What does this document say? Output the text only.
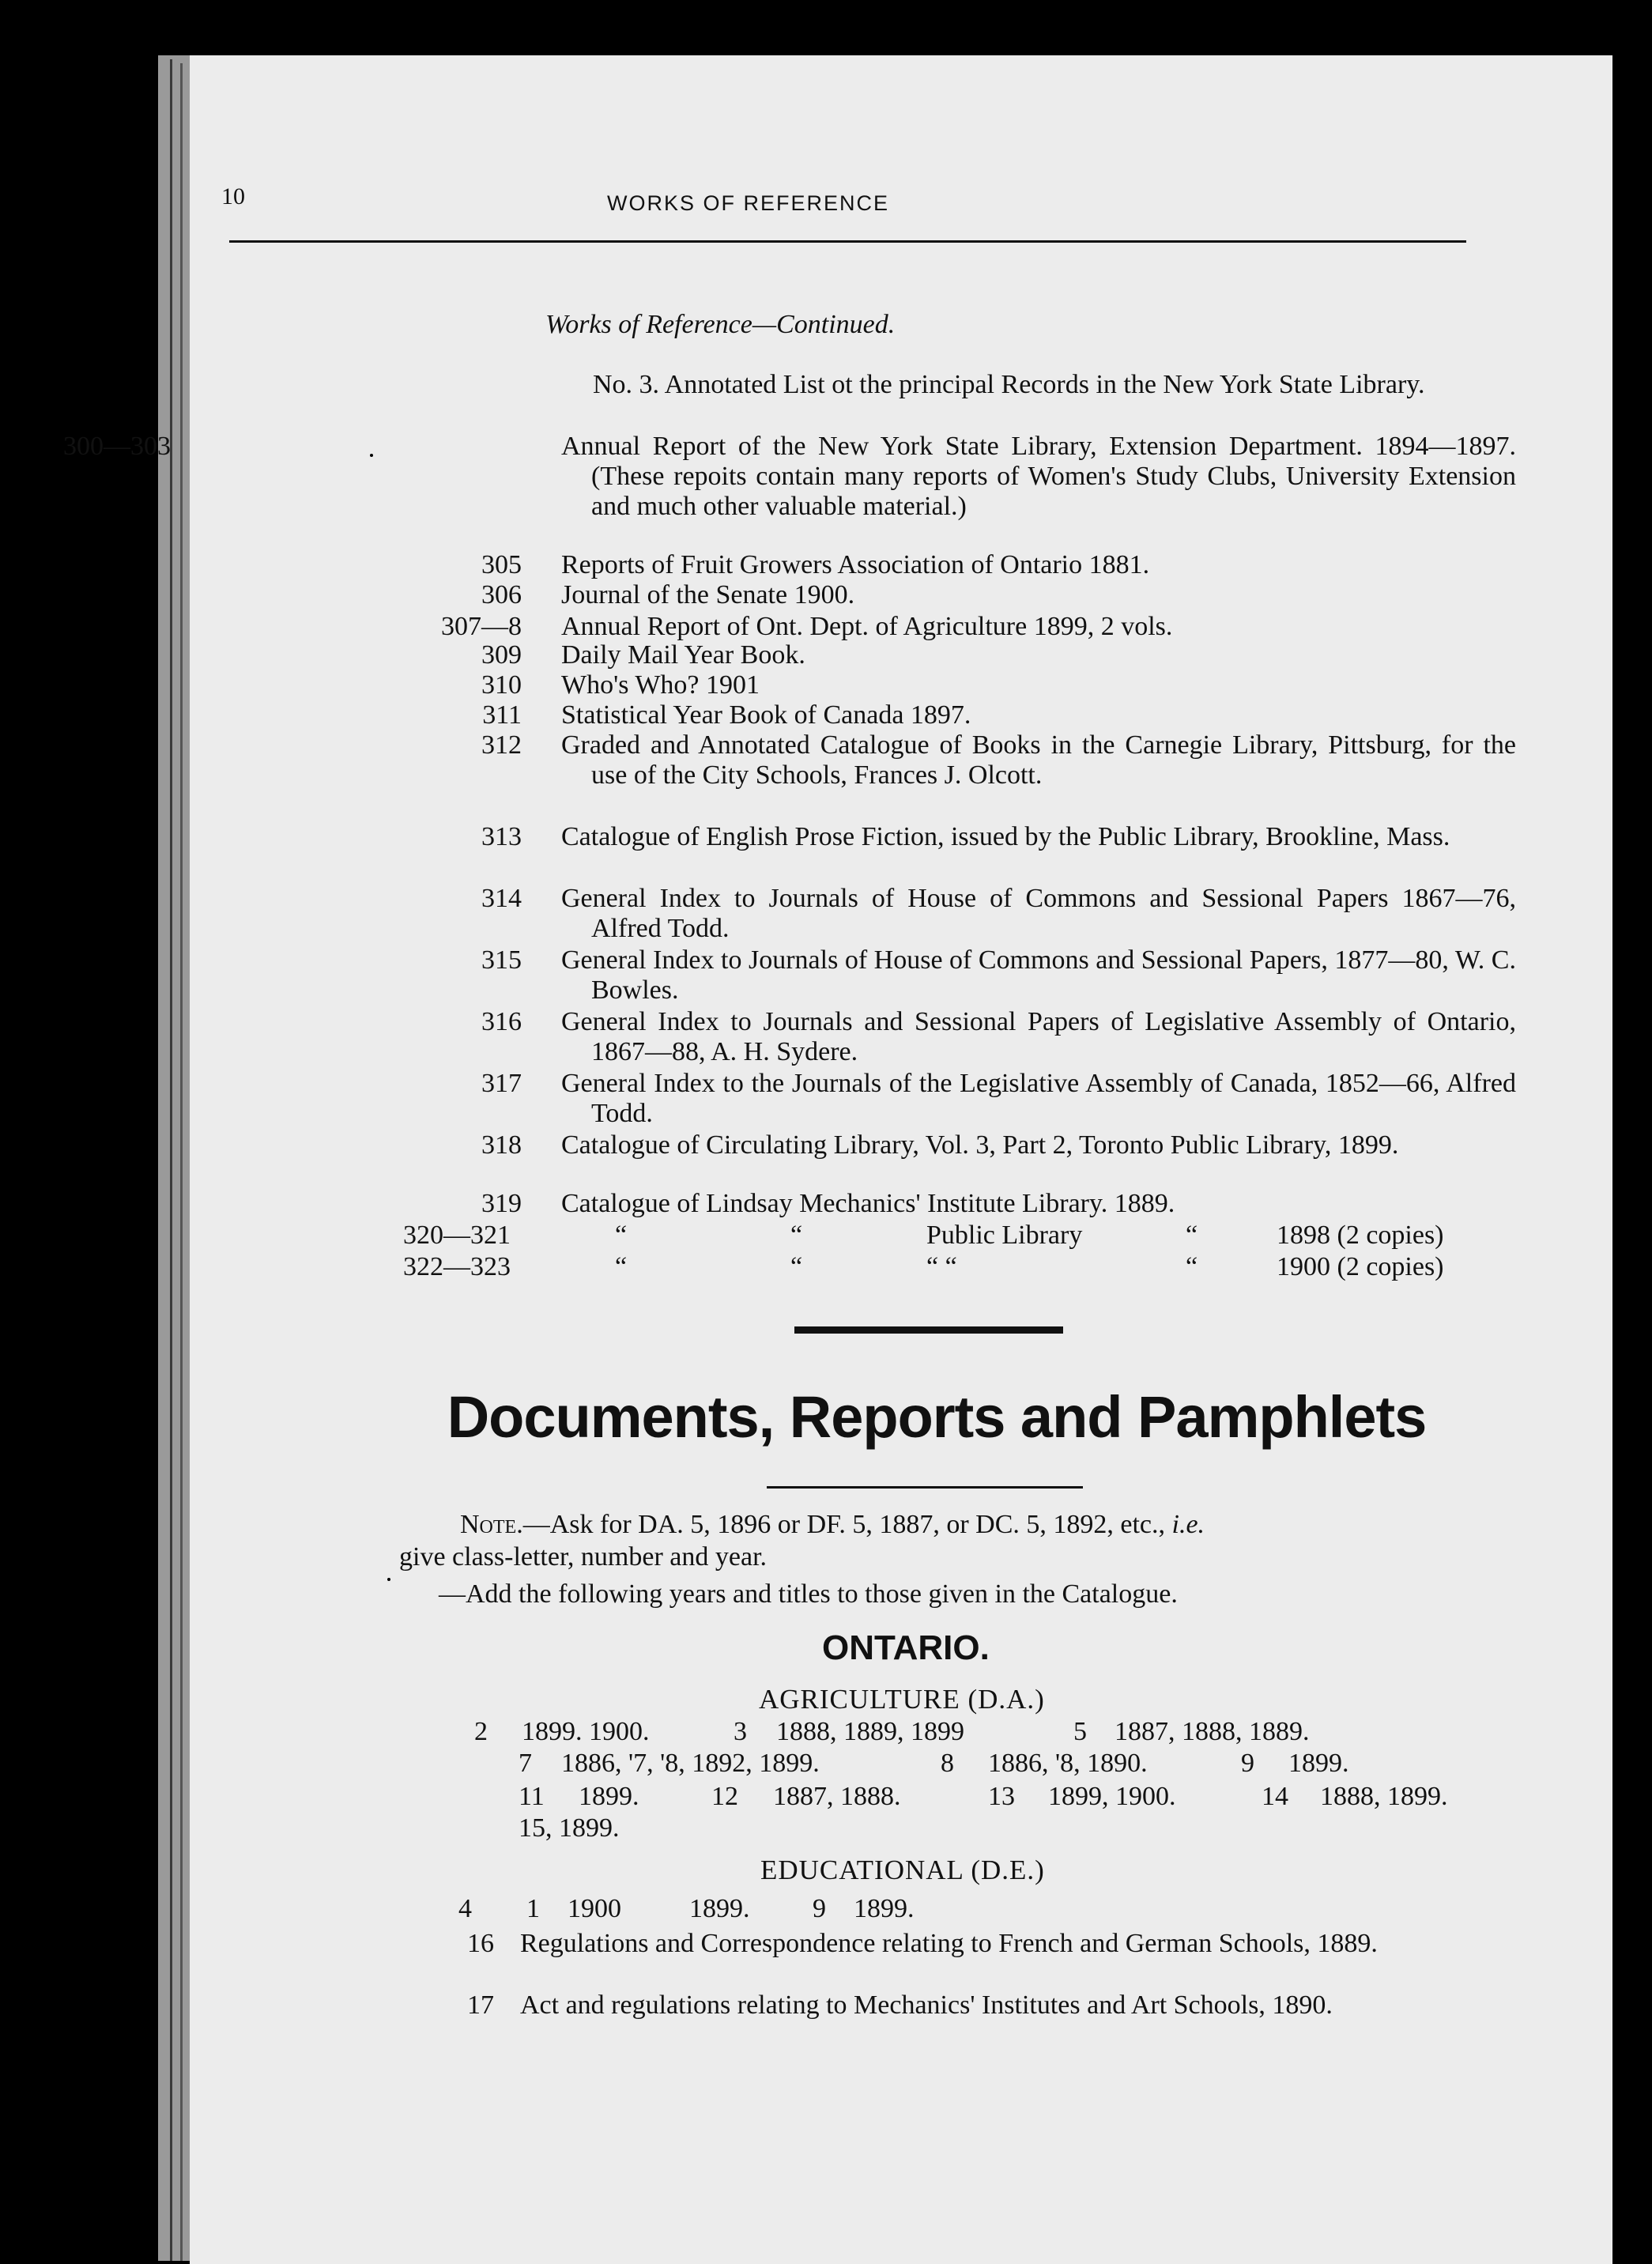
10	WORKS OF REFERENCE
Works of Reference—Continued.
No. 3. Annotated List ot the principal Records in the New York State Library.
300—303	Annual Report of the New York State Library, Extension Department. 1894—1897. (These repoits contain many reports of Women's Study Clubs, University Extension and much other valuable material.)
305 Reports of Fruit Growers Association of Ontario 1881.
306 Journal of the Senate 1900.
307—8 Annual Report of Ont. Dept. of Agriculture 1899, 2 vols.
309 Daily Mail Year Book.
310 Who's Who? 1901
311 Statistical Year Book of Canada 1897.
312 Graded and Annotated Catalogue of Books in the Carnegie Library, Pittsburg, for the use of the City Schools, Frances J. Olcott.
313 Catalogue of English Prose Fiction, issued by the Public Library, Brookline, Mass.
314 General Index to Journals of House of Commons and Sessional Papers 1867—76, Alfred Todd.
315 General Index to Journals of House of Commons and Sessional Papers, 1877—80, W. C. Bowles.
316 General Index to Journals and Sessional Papers of Legislative Assembly of Ontario, 1867—88, A. H. Sydere.
317 General Index to the Journals of the Legislative Assembly of Canada, 1852—66, Alfred Todd.
318 Catalogue of Circulating Library, Vol. 3, Part 2, Toronto Public Library, 1899.
319 Catalogue of Lindsay Mechanics' Institute Library. 1889.
320—321	“	“	Public Library	“	1898 (2 copies)
322—323	“	“	“ “	“	1900 (2 copies)
Documents, Reports and Pamphlets
Note.—Ask for DA. 5, 1896 or DF. 5, 1887, or DC. 5, 1892, etc., i.e.
give class-letter, number and year.
—Add the following years and titles to those given in the Catalogue.
ONTARIO.
AGRICULTURE (D.A.)
2 1899. 1900.	3 1888, 1889, 1899	5 1887, 1888, 1889.
7 1886, '7, '8, 1892, 1899.	8 1886, '8, 1890.	9 1899.
11 1899.	12 1887, 1888.	13 1899, 1900.	14 1888, 1899.
15, 1899.
EDUCATIONAL (D.E.)
4 1 1900	1899. 9 1899.
16 Regulations and Correspondence relating to French and German Schools, 1889.
17 Act and regulations relating to Mechanics' Institutes and Art Schools, 1890.
